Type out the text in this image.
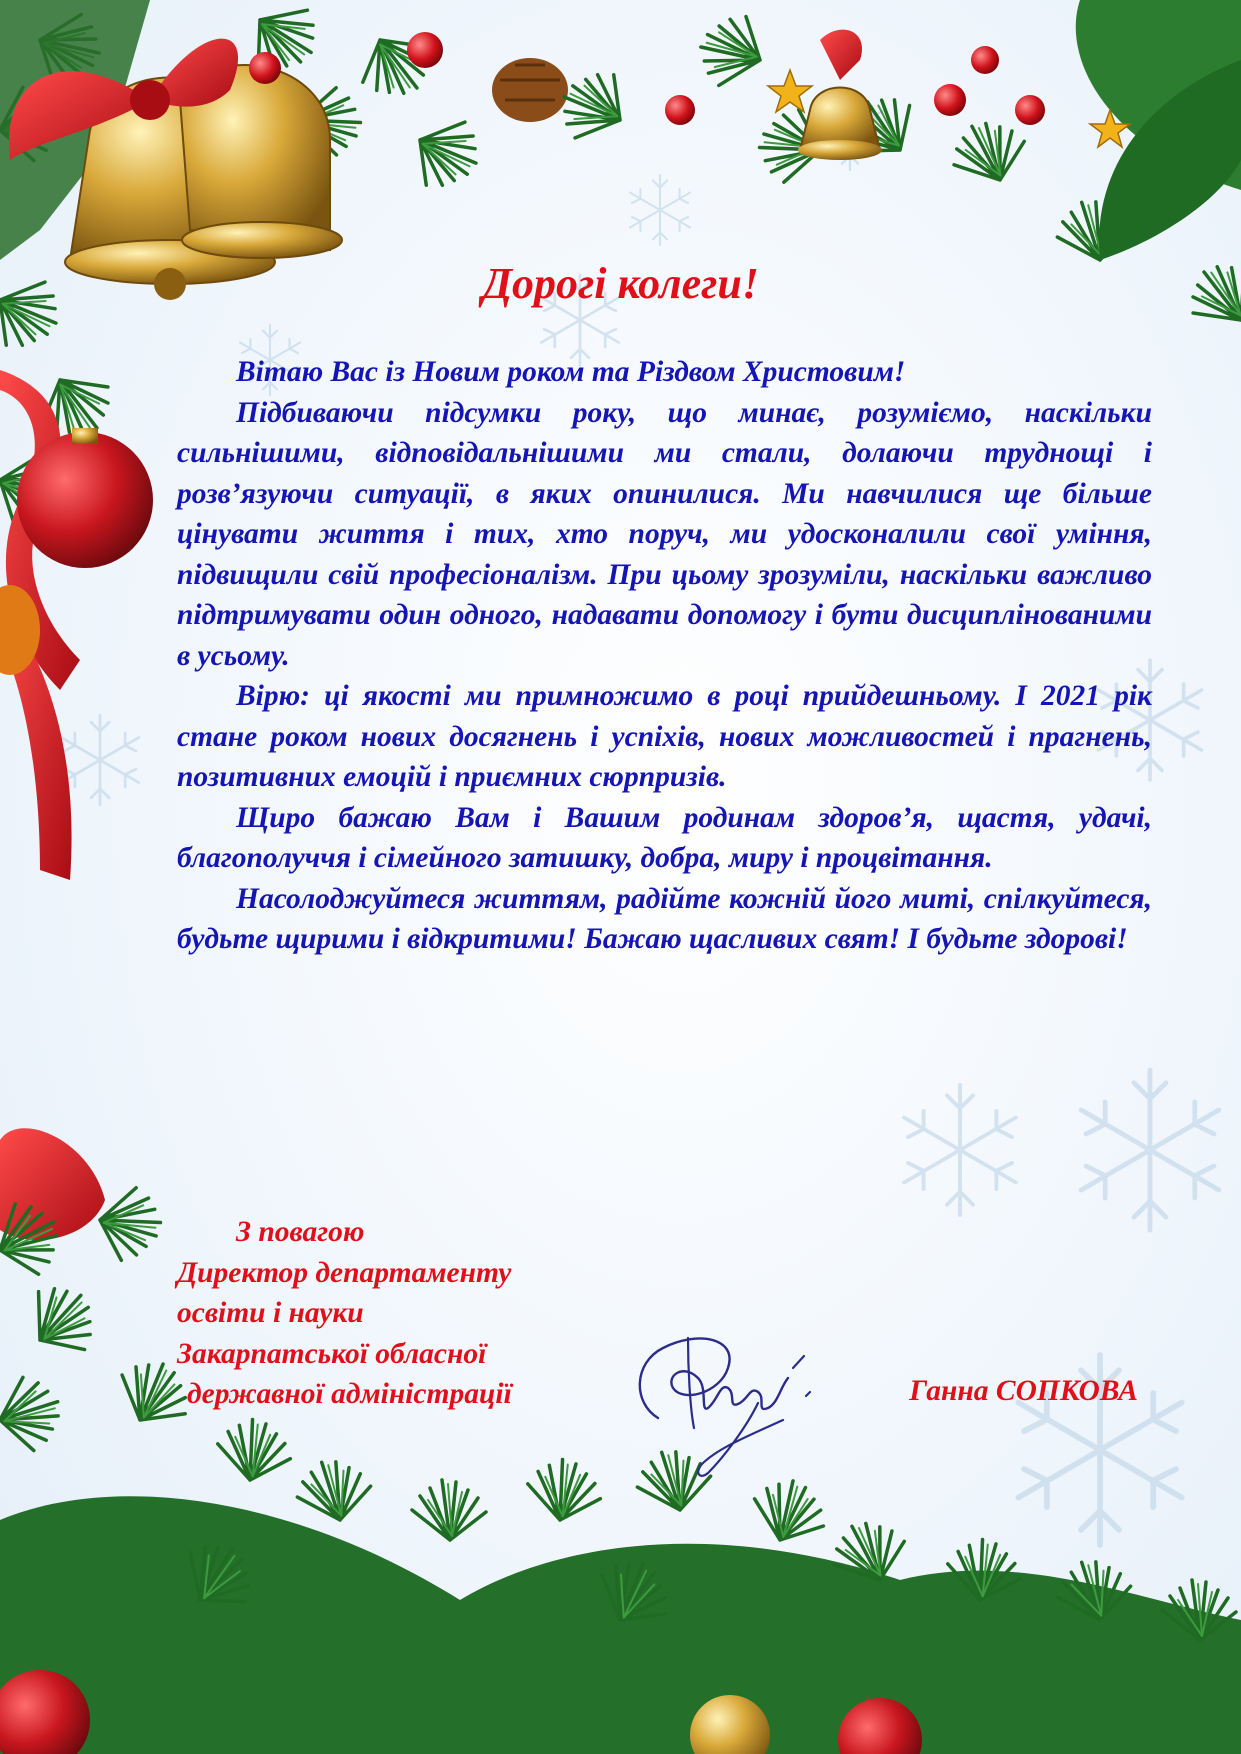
Дорогі колеги!

Вітаю Вас із Новим роком та Різдвом Христовим!

Підбиваючи підсумки року, що минає, розуміємо, наскільки сильнішими, відповідальнішими ми стали, долаючи труднощі і розв’язуючи ситуації, в яких опинилися. Ми навчилися ще більше цінувати життя і тих, хто поруч, ми удосконалили свої уміння, підвищили свій професіоналізм. При цьому зрозуміли, наскільки важливо підтримувати один одного, надавати допомогу і бути дисциплінованими в усьому.

Вірю: ці якості ми примножимо в році прийдешньому. І 2021 рік стане роком нових досягнень і успіхів, нових можливостей і прагнень, позитивних емоцій і приємних сюрпризів.

Щиро бажаю Вам і Вашим родинам здоров’я, щастя, удачі, благополуччя і сімейного затишку, добра, миру і процвітання.

Насолоджуйтеся життям, радійте кожній його миті, спілкуйтеся, будьте щирими і відкритими! Бажаю щасливих свят! І будьте здорові!

З повагою
Директор департаменту
освіти і науки
Закарпатської обласної
державної адміністрації	Ганна СОПКОВА
